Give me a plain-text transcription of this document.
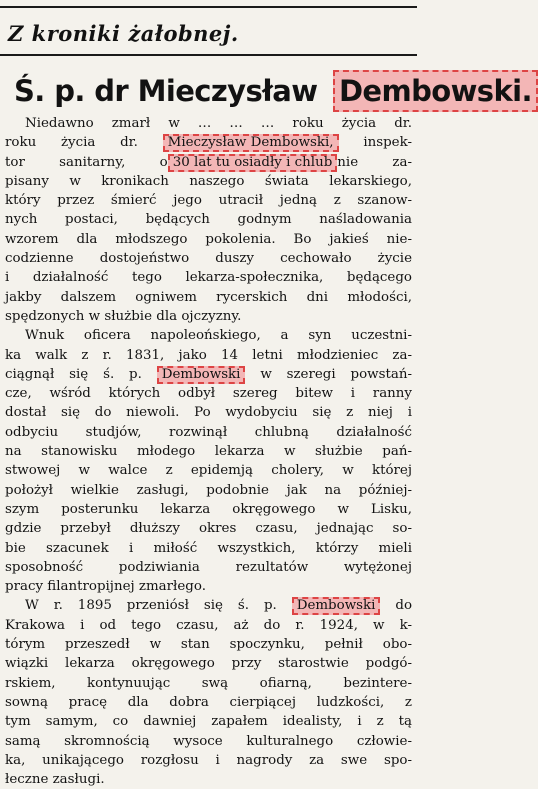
Z kroniki żałobnej.
Ś. p. dr Mieczysław Dembowski.
Niedawno zmarł w … … … roku życia dr.
roku życia dr. Mieczysław Dembowski, inspek-
tor sanitarny, o 30 lat tu osiadły i chlub nie za-
pisany w kronikach naszego świata lekarskiego,
który przez śmierć jego utracił jedną z szanow-
nych postaci, będących godnym naśladowania
wzorem dla młodszego pokolenia. Bo jakieś nie-
codzienne dostojeństwo duszy cechowało życie
i działalność tego lekarza-społecznika, będącego
jakby dalszem ogniwem rycerskich dni młodości,
spędzonych w służbie dla ojczyzny.
Wnuk oficera napoleońskiego, a syn uczestni-
ka walk z r. 1831, jako 14 letni młodzieniec za-
ciągnął się ś. p. Dembowski w szeregi powstań-
cze, wśród których odbył szereg bitew i ranny
dostał się do niewoli. Po wydobyciu się z niej i
odbyciu studjów, rozwinął chlubną działalność
na stanowisku młodego lekarza w służbie pań-
stwowej w walce z epidemją cholery, w której
położył wielkie zasługi, podobnie jak na później-
szym posterunku lekarza okręgowego w Lisku,
gdzie przebył dłuższy okres czasu, jednając so-
bie szacunek i miłość wszystkich, którzy mieli
sposobność podziwiania rezultatów wytężonej
pracy filantropijnej zmarłego.
W r. 1895 przeniósł się ś. p. Dembowski do
Krakowa i od tego czasu, aż do r. 1924, w k-
tórym przeszedł w stan spoczynku, pełnił obo-
wiązki lekarza okręgowego przy starostwie podgó-
rskiem, kontynuując swą ofiarną, bezintere-
sowną pracę dla dobra cierpiącej ludzkości, z
tym samym, co dawniej zapałem idealisty, i z tą
samą skromnością wysoce kulturalnego człowie-
ka, unikającego rozgłosu i nagrody za swe spo-
łeczne zasługi.
